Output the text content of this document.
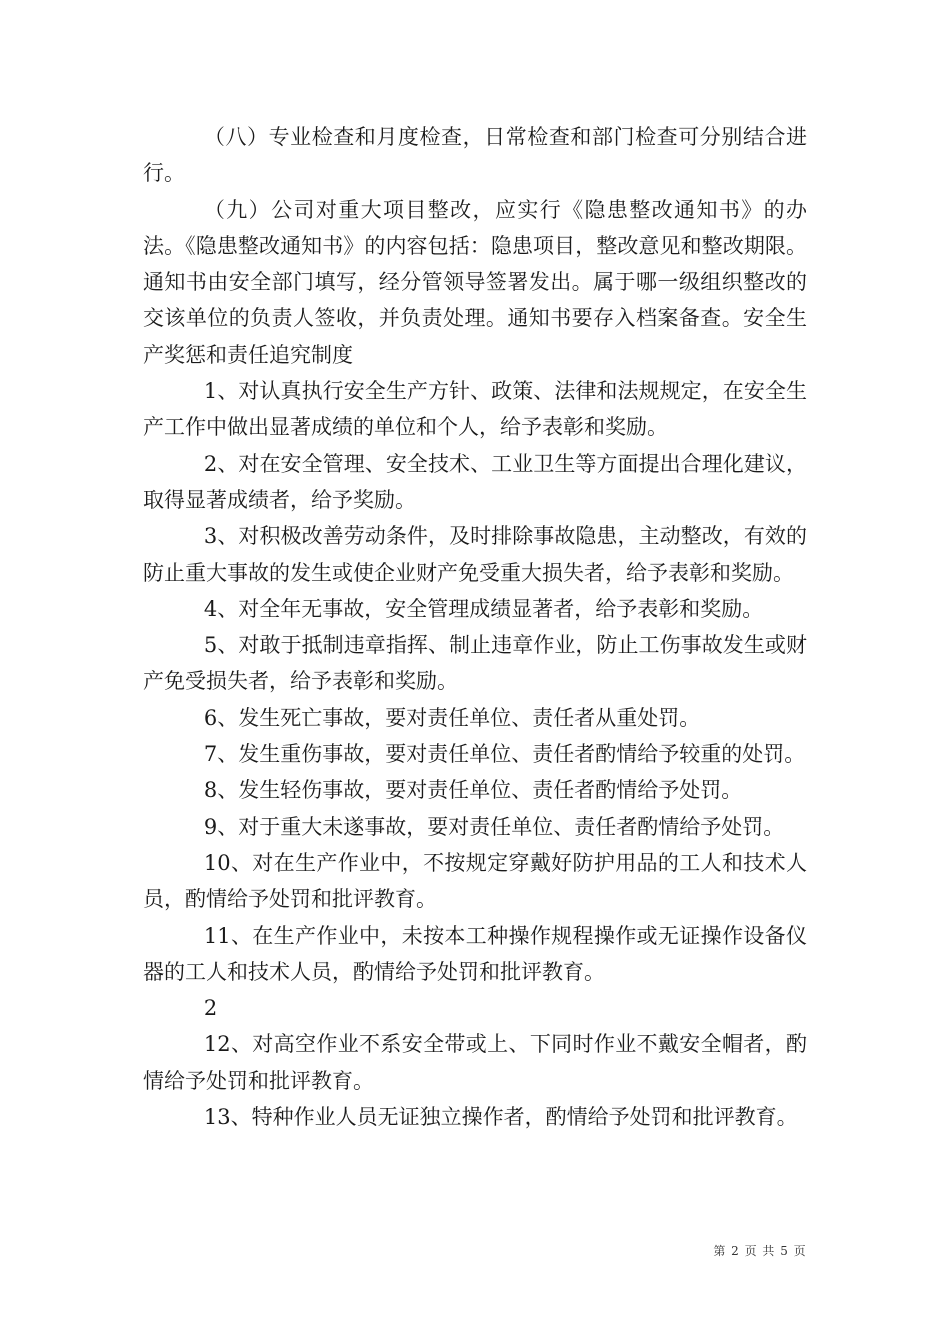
（八）专业检查和月度检查，日常检查和部门检查可分别结合进行。

（九）公司对重大项目整改，应实行《隐患整改通知书》的办法。《隐患整改通知书》的内容包括：隐患项目，整改意见和整改期限。通知书由安全部门填写，经分管领导签署发出。属于哪一级组织整改的交该单位的负责人签收，并负责处理。通知书要存入档案备查。安全生产奖惩和责任追究制度

1、对认真执行安全生产方针、政策、法律和法规规定，在安全生产工作中做出显著成绩的单位和个人，给予表彰和奖励。

2、对在安全管理、安全技术、工业卫生等方面提出合理化建议，取得显著成绩者，给予奖励。

3、对积极改善劳动条件，及时排除事故隐患，主动整改，有效的防止重大事故的发生或使企业财产免受重大损失者，给予表彰和奖励。

4、对全年无事故，安全管理成绩显著者，给予表彰和奖励。

5、对敢于抵制违章指挥、制止违章作业，防止工伤事故发生或财产免受损失者，给予表彰和奖励。

6、发生死亡事故，要对责任单位、责任者从重处罚。

7、发生重伤事故，要对责任单位、责任者酌情给予较重的处罚。

8、发生轻伤事故，要对责任单位、责任者酌情给予处罚。

9、对于重大未遂事故，要对责任单位、责任者酌情给予处罚。

10、对在生产作业中，不按规定穿戴好防护用品的工人和技术人员，酌情给予处罚和批评教育。

11、在生产作业中，未按本工种操作规程操作或无证操作设备仪器的工人和技术人员，酌情给予处罚和批评教育。

2

12、对高空作业不系安全带或上、下同时作业不戴安全帽者，酌情给予处罚和批评教育。

13、特种作业人员无证独立操作者，酌情给予处罚和批评教育。

第 2 页 共 5 页
